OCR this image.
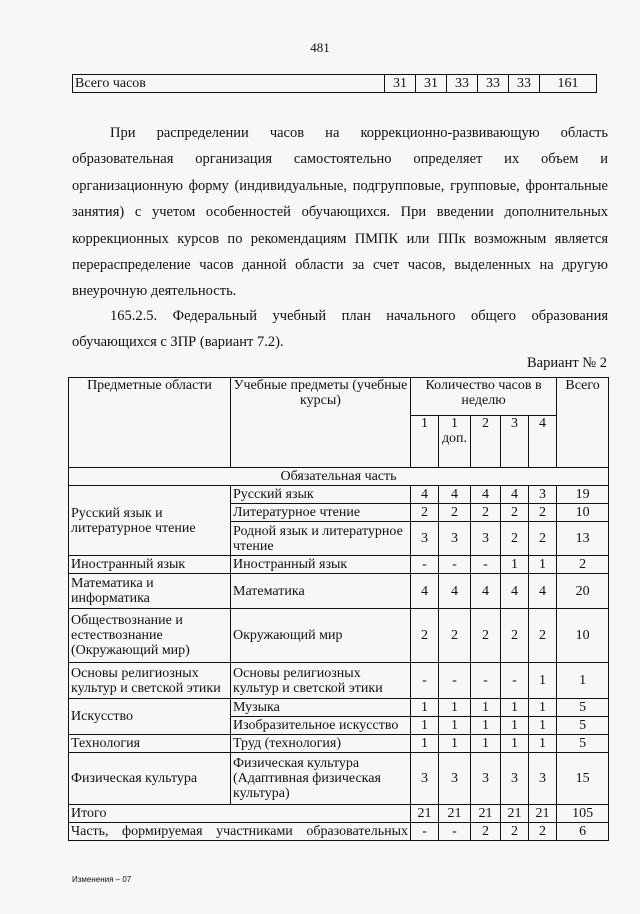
481
Всего часов	31	31	33	33	33	161

При распределении часов на коррекционно-развивающую область образовательная организация самостоятельно определяет их объем и организационную форму (индивидуальные, подгрупповые, групповые, фронтальные занятия) с учетом особенностей обучающихся. При введении дополнительных коррекционных курсов по рекомендациям ПМПК или ППк возможным является перераспределение часов данной области за счет часов, выделенных на другую внеурочную деятельность.

165.2.5. Федеральный учебный план начального общего образования обучающихся с ЗПР (вариант 7.2).

Вариант № 2
Предметные области	Учебные предметы (учебные курсы)	Количество часов в неделю					Всего
		1	1 доп.	2	3	4	
Обязательная часть							
Русский язык и литературное чтение	Русский язык	4	4	4	4	3	19
	Литературное чтение	2	2	2	2	2	10
	Родной язык и литературное чтение	3	3	3	2	2	13
Иностранный язык	Иностранный язык	-	-	-	1	1	2
Математика и информатика	Математика	4	4	4	4	4	20
Обществознание и естествознание (Окружающий мир)	Окружающий мир	2	2	2	2	2	10
Основы религиозных культур и светской этики	Основы религиозных культур и светской этики	-	-	-	-	1	1
Искусство	Музыка	1	1	1	1	1	5
	Изобразительное искусство	1	1	1	1	1	5
Технология	Труд (технология)	1	1	1	1	1	5
Физическая культура	Физическая культура (Адаптивная физическая культура)	3	3	3	3	3	15
Итого		21	21	21	21	21	105
Часть, формируемая участниками образовательных		-	-	2	2	2	6
Изменения – 07
